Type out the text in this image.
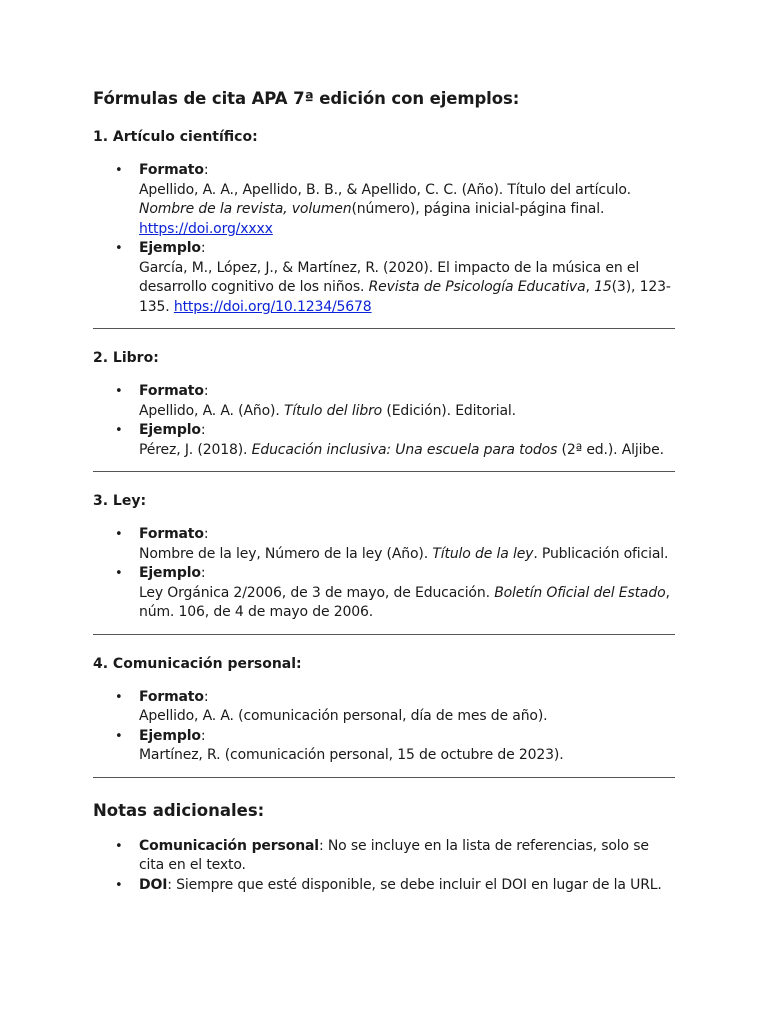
Fórmulas de cita APA 7ª edición con ejemplos:
1. Artículo científico:
• Formato:
Apellido, A. A., Apellido, B. B., & Apellido, C. C. (Año). Título del artículo. Nombre de la revista, volumen(número), página inicial-página final. https://doi.org/xxxx
• Ejemplo:
García, M., López, J., & Martínez, R. (2020). El impacto de la música en el desarrollo cognitivo de los niños. Revista de Psicología Educativa, 15(3), 123-135. https://doi.org/10.1234/5678
2. Libro:
• Formato:
Apellido, A. A. (Año). Título del libro (Edición). Editorial.
• Ejemplo:
Pérez, J. (2018). Educación inclusiva: Una escuela para todos (2ª ed.). Aljibe.
3. Ley:
• Formato:
Nombre de la ley, Número de la ley (Año). Título de la ley. Publicación oficial.
• Ejemplo:
Ley Orgánica 2/2006, de 3 de mayo, de Educación. Boletín Oficial del Estado, núm. 106, de 4 de mayo de 2006.
4. Comunicación personal:
• Formato:
Apellido, A. A. (comunicación personal, día de mes de año).
• Ejemplo:
Martínez, R. (comunicación personal, 15 de octubre de 2023).
Notas adicionales:
• Comunicación personal: No se incluye en la lista de referencias, solo se cita en el texto.
• DOI: Siempre que esté disponible, se debe incluir el DOI en lugar de la URL.
